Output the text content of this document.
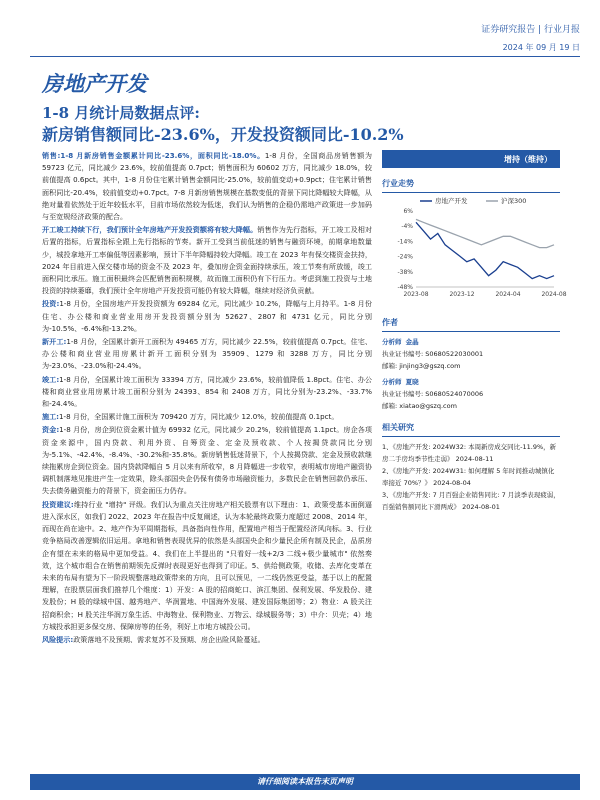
证券研究报告 | 行业月报
2024 年 09 月 19 日
房地产开发
1-8 月统计局数据点评:
新房销售额同比-23.6%，开发投资额同比-10.2%

销售:1-8 月新房销售金额累计同比-23.6%，面积同比-18.0%。1-8 月份，全国商品房销售额为 59723 亿元，同比减少 23.6%，较前值提高 0.7pct；销售面积为 60602 万方，同比减少 18.0%，较前值提高 0.6pct。其中，1-8 月份住宅累计销售金额同比-25.0%，较前值变动+0.9pct；住宅累计销售面积同比-20.4%，较前值变动+0.7pct。7-8 月新房销售规模在基数变低的背景下同比降幅较大降幅，从绝对量看依然处于近年较低水平，目前市场依然较为低迷，我们认为销售的企稳仍需地产政策进一步加码与至宽规经济政策的配合。

开工竣工持续下行，我们预计全年房地产开发投资额将有较大降幅。销售作为先行指标，开工竣工及相对后置的指标，后置指标全跟上先行指标的节奏。新开工受到当前低迷的销售与融资环境，前期拿地数量少，城投拿地开工率偏低等因素影响，预计下半年降幅持较大降幅。竣工在 2023 年有保交楼资金扶持，2024 年目前进入保交楼市场的资金不及 2023 年，叠加房企资金面持续承压，竣工节奏有所放缓，竣工面积同比承压。施工面积最终会匹配销售面积规模，故而施工面积仍有下行压力。考虑到施工投资与土地投资的持续萎靡，我们预计全年房地产开发投资可能仍有较大降幅，继续对经济负贡献。

投资:1-8 月份，全国房地产开发投资额为 69284 亿元，同比减少 10.2%，降幅与上月持平。1-8 月份住宅、办公楼和商业营业用房开发投资额分别为 52627、2807 和 4731 亿元，同比分别为-10.5%、-6.4%和-13.2%。

新开工:1-8 月份，全国累计新开工面积为 49465 万方，同比减少 22.5%，较前值提高 0.7pct。住宅、办公楼和商业营业用房累计新开工面积分别为 35909、1279 和 3288 万方，同比分别为-23.0%、-23.0%和-24.4%。

竣工:1-8 月份，全国累计竣工面积为 33394 万方，同比减少 23.6%，较前值降低 1.8pct。住宅、办公楼和商业营业用房累计竣工面积分别为 24393、854 和 2408 万方，同比分别为-23.2%、-33.7%和-24.4%。

施工:1-8 月份，全国累计施工面积为 709420 万方，同比减少 12.0%，较前值提高 0.1pct。

资金:1-8 月份，房企到位资金累计值为 69932 亿元，同比减少 20.2%，较前值提高 1.1pct。房企各项资金来源中，国内贷款、利用外资、自筹资金、定金及预收款、个人按揭贷款同比分别为-5.1%、-42.4%、-8.4%、-30.2%和-35.8%。新房销售低迷背景下，个人按揭贷款、定金及预收款继续拖累房企到位资金。国内贷款降幅自 5 月以来有所收窄，8 月降幅进一步收窄，表明城市房地产融资协调机制落地见推进产生一定效果，除头部国央企仍保有债务市场融资能力，多数民企在销售回款仍承压、失去债务融资能力的背景下，资金面压力仍存。

投资建议:维持行业 "增持" 评级。我们认为重点关注房地产相关股票有以下理由：1、政策受基本面倒逼进入深水区，如我们 2022、2023 年在报告中反复阐述，认为本轮最终政策力度超过 2008、2014 年，而现在尚在途中。2、地产作为平周期指标，具备指向性作用，配置地产相当于配置经济风向标。3、行业竞争格局改善逻辑依旧运用。拿地和销售表现优异的依然是头部国央企和少量民企所有制及民企，品质房企有望在未来的格局中更加受益。4、我们在上半提出的 "只看好一线+2/3 二线+极少量城市" 依然奏效，这个城市组合在销售前期领先反弹时表现更好也得到了印证。5、供给侧政策，收储、去库化变革在未来的布局有望为下一阶段规整落地政策带来的方向，且可以预见，一二线仍然更受益，基于以上的配置理解，在股票层面我们推荐几个维度：1）开发：A 股的招商蛇口、滨江集团、保利发展、华发股份、建发股份；H 股的绿城中国、越秀地产、华润置地、中国海外发展、建发国际集团等；2）物业：A 股关注招商积余；H 股关注华润万象生活、中海物业、保利物业、万物云、绿城服务等；3）中介：贝壳；4）地方城投承担更多保交房、保障房等的任务，利好上市地方城投公司。

风险提示:政策落地不及预期、需求复苏不及预期、房企出险风险蔓延。

增持（维持）
行业走势
房地产开发	沪深300
6%
-4%
-14%
-24%
-38%
-48%
2023-08	2023-12	2024-04	2024-08
作者
分析师 金晶
执业证书编号: S0680522030001
邮箱: jinjing3@gszq.com
分析师 夏晓
执业证书编号: S0680524070006
邮箱: xiatao@gszq.com
相关研究
1、《房地产开发: 2024W32: 本周新房成交同比-11.9%，新房二手房均季节性走弱》 2024-08-11
2、《房地产开发: 2024W31: 如何理解 5 年时间推动城镇化率接近 70%？》 2024-08-04
3、《房地产开发: 7 月百强企业销售同比: 7 月淡季表现疲弱，百强销售额同比下滑两成》 2024-08-01
请仔细阅读本报告末页声明
